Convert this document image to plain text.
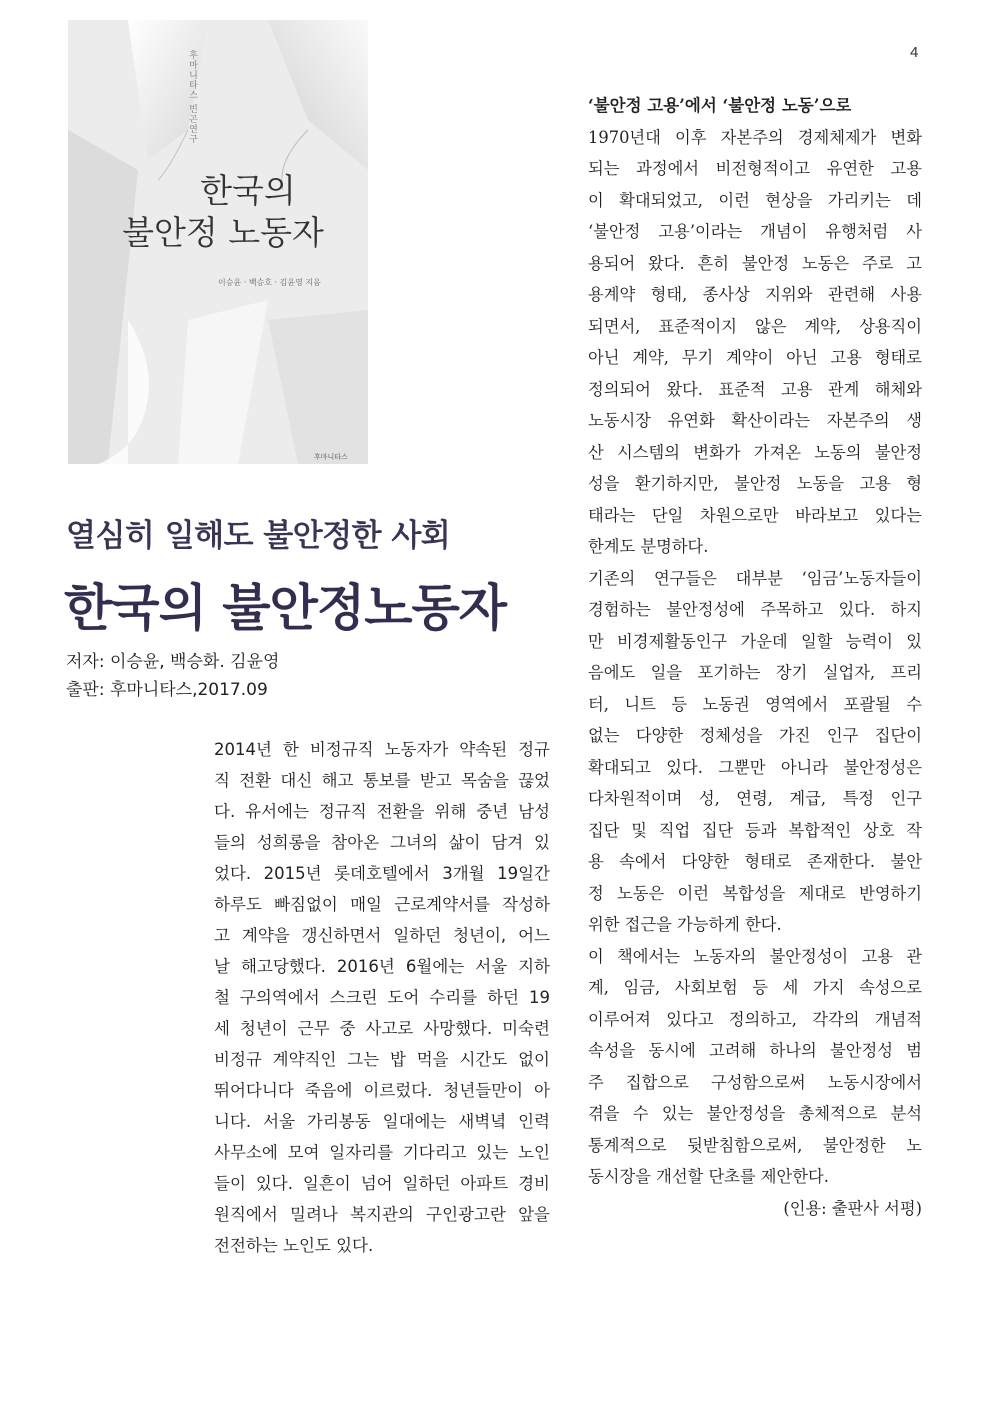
4
후마니타스 빈곤연구
한국의
불안정 노동자
이승윤 · 백승호 · 김윤영 지음
후마니타스
열심히 일해도 불안정한 사회
한국의 불안정노동자
저자: 이승윤, 백승화. 김윤영
출판: 후마니타스,2017.09
2014년 한 비정규직 노동자가 약속된 정규
직 전환 대신 해고 통보를 받고 목숨을 끊었
다. 유서에는 정규직 전환을 위해 중년 남성
들의 성희롱을 참아온 그녀의 삶이 담겨 있
었다. 2015년 롯데호텔에서 3개월 19일간
하루도 빠짐없이 매일 근로계약서를 작성하
고 계약을 갱신하면서 일하던 청년이, 어느
날 해고당했다. 2016년 6월에는 서울 지하
철 구의역에서 스크린 도어 수리를 하던 19
세 청년이 근무 중 사고로 사망했다. 미숙련
비정규 계약직인 그는 밥 먹을 시간도 없이
뛰어다니다 죽음에 이르렀다. 청년들만이 아
니다. 서울 가리봉동 일대에는 새벽녘 인력
사무소에 모여 일자리를 기다리고 있는 노인
들이 있다. 일흔이 넘어 일하던 아파트 경비
원직에서 밀려나 복지관의 구인광고란 앞을
전전하는 노인도 있다.
‘불안정 고용’에서 ‘불안정 노동’으로
1970년대 이후 자본주의 경제체제가 변화
되는 과정에서 비전형적이고 유연한 고용
이 확대되었고, 이런 현상을 가리키는 데
‘불안정 고용’이라는 개념이 유행처럼 사
용되어 왔다. 흔히 불안정 노동은 주로 고
용계약 형태, 종사상 지위와 관련해 사용
되면서, 표준적이지 않은 계약, 상용직이
아닌 계약, 무기 계약이 아닌 고용 형태로
정의되어 왔다. 표준적 고용 관계 해체와
노동시장 유연화 확산이라는 자본주의 생
산 시스템의 변화가 가져온 노동의 불안정
성을 환기하지만, 불안정 노동을 고용 형
태라는 단일 차원으로만 바라보고 있다는
한계도 분명하다.
기존의 연구들은 대부분 ‘임금’노동자들이
경험하는 불안정성에 주목하고 있다. 하지
만 비경제활동인구 가운데 일할 능력이 있
음에도 일을 포기하는 장기 실업자, 프리
터, 니트 등 노동권 영역에서 포괄될 수
없는 다양한 정체성을 가진 인구 집단이
확대되고 있다. 그뿐만 아니라 불안정성은
다차원적이며 성, 연령, 계급, 특정 인구
집단 및 직업 집단 등과 복합적인 상호 작
용 속에서 다양한 형태로 존재한다. 불안
정 노동은 이런 복합성을 제대로 반영하기
위한 접근을 가능하게 한다.
이 책에서는 노동자의 불안정성이 고용 관
계, 임금, 사회보험 등 세 가지 속성으로
이루어져 있다고 정의하고, 각각의 개념적
속성을 동시에 고려해 하나의 불안정성 범
주 집합으로 구성함으로써 노동시장에서
겪을 수 있는 불안정성을 총체적으로 분석
통계적으로 뒷받침함으로써, 불안정한 노
동시장을 개선할 단초를 제안한다.
(인용: 출판사 서평)
